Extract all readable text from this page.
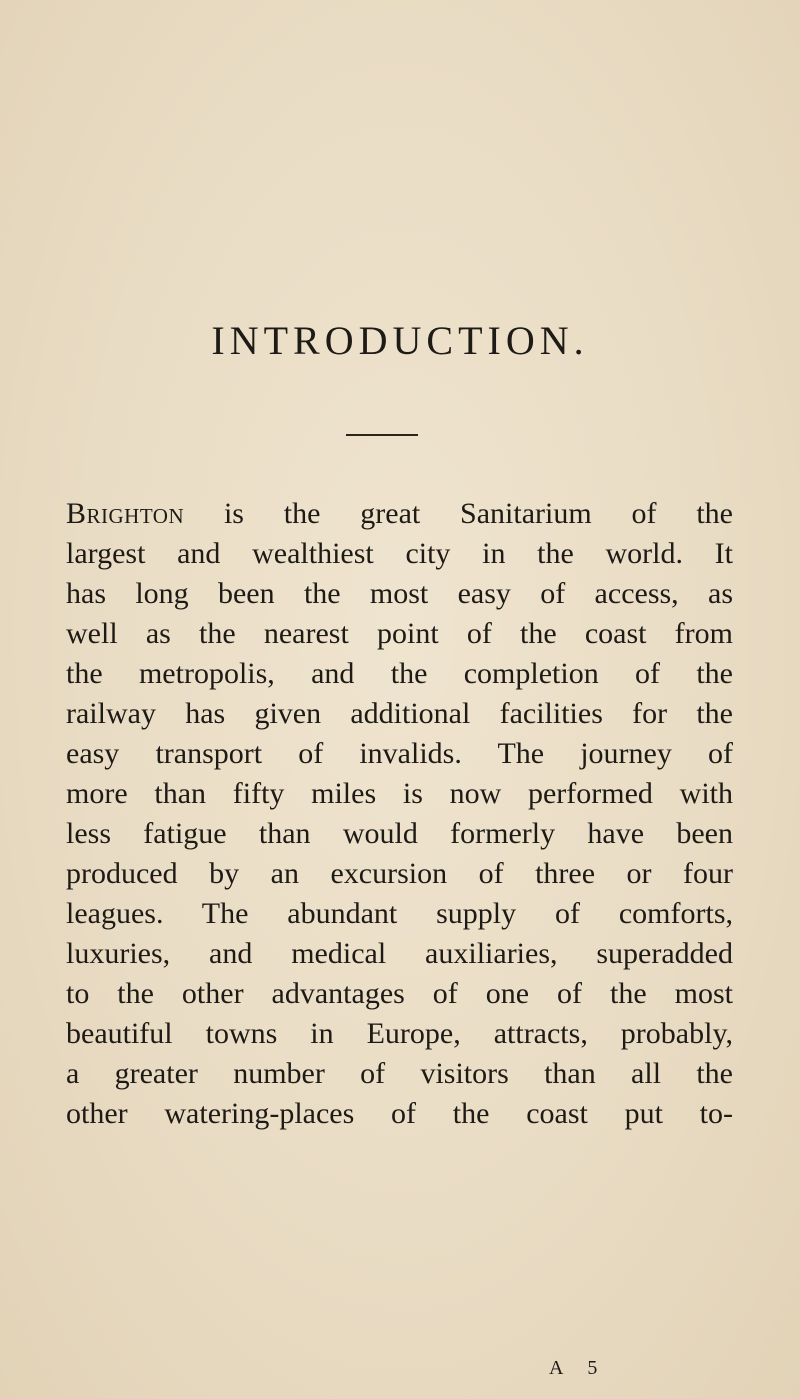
INTRODUCTION.
Brighton is the great Sanitarium of the
largest and wealthiest city in the world. It
has long been the most easy of access, as
well as the nearest point of the coast from
the metropolis, and the completion of the
railway has given additional facilities for the
easy transport of invalids. The journey of
more than fifty miles is now performed with
less fatigue than would formerly have been
produced by an excursion of three or four
leagues. The abundant supply of comforts,
luxuries, and medical auxiliaries, superadded
to the other advantages of one of the most
beautiful towns in Europe, attracts, probably,
a greater number of visitors than all the
other watering-places of the coast put to-
A 5
